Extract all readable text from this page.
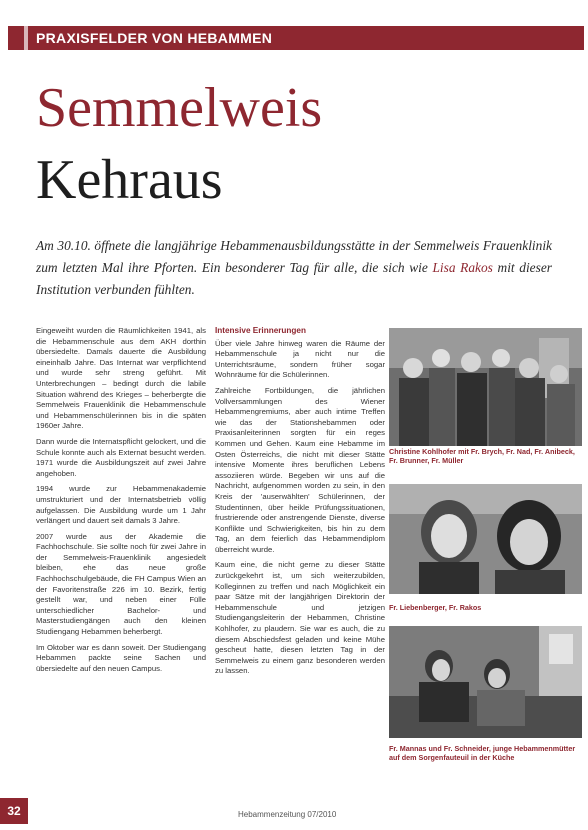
PRAXISFELDER VON HEBAMMEN
Semmelweis
Kehraus
Am 30.10. öffnete die langjährige Hebammenausbildungsstätte in der Semmelweis Frauenklinik zum letzten Mal ihre Pforten. Ein besonderer Tag für alle, die sich wie Lisa Rakos mit dieser Institution verbunden fühlten.

Eingeweiht wurden die Räumlichkeiten 1941, als die Hebammenschule aus dem AKH dorthin übersiedelte. Damals dauerte die Ausbildung eineinhalb Jahre. Das Internat war verpflichtend und wurde sehr streng geführt. Mit Unterbrechungen – bedingt durch die labile Situation während des Krieges – beherbergte die Semmelweis Frauenklinik die Hebammenschule und Hebammenschülerinnen bis in die späten 1960er Jahre.

Dann wurde die Internatspflicht gelockert, und die Schule konnte auch als Externat besucht werden. 1971 wurde die Ausbildungszeit auf zwei Jahre angehoben.

1994 wurde zur Hebammenakademie umstrukturiert und der Internatsbetrieb völlig aufgelassen. Die Ausbildung wurde um 1 Jahr verlängert und dauert seit damals 3 Jahre.

2007 wurde aus der Akademie die Fachhochschule. Sie sollte noch für zwei Jahre in der Semmelweis-Frauenklinik angesiedelt bleiben, ehe das neue große Fachhochschulgebäude, die FH Campus Wien an der Favoritenstraße 226 im 10. Bezirk, fertig gestellt war, und neben einer Fülle unterschiedlicher Bachelor- und Masterstudiengängen auch den kleinen Studiengang Hebammen beherbergt.

Im Oktober war es dann soweit. Der Studiengang Hebammen packte seine Sachen und übersiedelte auf den neuen Campus.

Intensive Erinnerungen

Über viele Jahre hinweg waren die Räume der Hebammenschule ja nicht nur die Unterrichtsräume, sondern früher sogar Wohnräume für die Schülerinnen.

Zahlreiche Fortbildungen, die jährlichen Vollversammlungen des Wiener Hebammengremiums, aber auch intime Treffen wie das der Stationshebammen oder Praxisanleiterinnen sorgten für ein reges Kommen und Gehen. Kaum eine Hebamme im Osten Österreichs, die nicht mit dieser Stätte intensive Momente ihres beruflichen Lebens assoziieren würde. Begeben wir uns auf die Nachricht, aufgenommen worden zu sein, in den Kreis der 'auserwählten' Schülerinnen, der Studentinnen, über heikle Prüfungssituationen, frustrierende oder anstrengende Dienste, diverse Konflikte und Schwierigkeiten, bis hin zu dem Tag, an dem feierlich das Hebammendiplom überreicht wurde.

Kaum eine, die nicht gerne zu dieser Stätte zurückgekehrt ist, um sich weiterzubilden, Kolleginnen zu treffen und nach Möglichkeit ein paar Sätze mit der langjährigen Direktorin der Hebammenschule und jetzigen Studiengangsleiterin der Hebammen, Christine Kohlhofer, zu plaudern. Sie war es auch, die zu diesem Abschiedsfest geladen und keine Mühe gescheut hatte, diesen letzten Tag in der Semmelweis zu einem ganz besonderen werden zu lassen.

Christine Kohlhofer mit Fr. Brych, Fr. Nad, Fr. Anibeck, Fr. Brunner, Fr. Müller
Fr. Liebenberger, Fr. Rakos
Fr. Mannas und Fr. Schneider, junge Hebammenmütter auf dem Sorgenfauteuil in der Küche
32	Hebammenzeitung 07/2010
